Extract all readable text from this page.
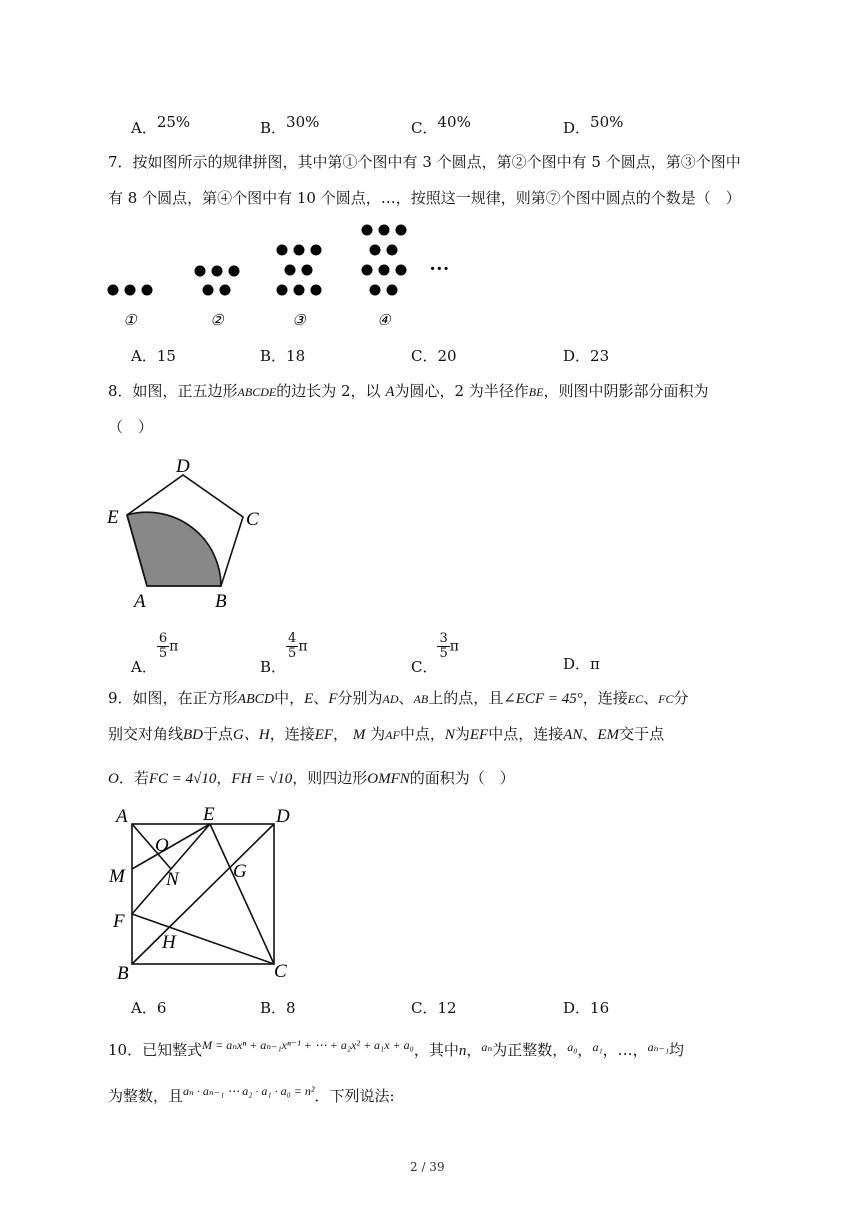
A．25%	B．30%	C．40%	D．50%
7．按如图所示的规律拼图，其中第①个图中有 3 个圆点，第②个图中有 5 个圆点，第③个图中
有 8 个圆点，第④个图中有 10 个圆点，…，按照这一规律，则第⑦个图中圆点的个数是（　）
…
①	②	③	④
A．15	B．18	C．20	D．23
8．如图，正五边形ABCDE的边长为 2，以 A为圆心，2 为半径作BE，则图中阴影部分面积为
（　）
D
E	C
A	B
A．
$\frac{6}{5}$ π
B．
$\frac{4}{5}$ π
C．
$\frac{3}{5}$ π
D．π
9．如图，在正方形ABCD中，E、F分别为AD、AB上的点，且∠ECF = 45°，连接EC、FC分
别交对角线BD于点G、H，连接EF， M 为AF中点，N为EF中点，连接AN、EM交于点
O．若FC = 4√10，FH = √10，则四边形OMFN的面积为（　）
A	E	D
O
M N	G
F
H
B	C
A．6	B．8	C．12	D．16
10．已知整式$^{M = a_nx^n + a_{n-1}x^{n-1} + \cdots + a_2x^2 + a_1x + a_0}$，其中n，$^{a_n}$为正整数，$^{a_0}$，$^{a_1}$，…，$^{a_{n-1}}$均
为整数，且$^{a_n \cdot a_{n-1} \cdots a_2 \cdot a_1 \cdot a_0 = n^2}$．下列说法:
2 / 39
